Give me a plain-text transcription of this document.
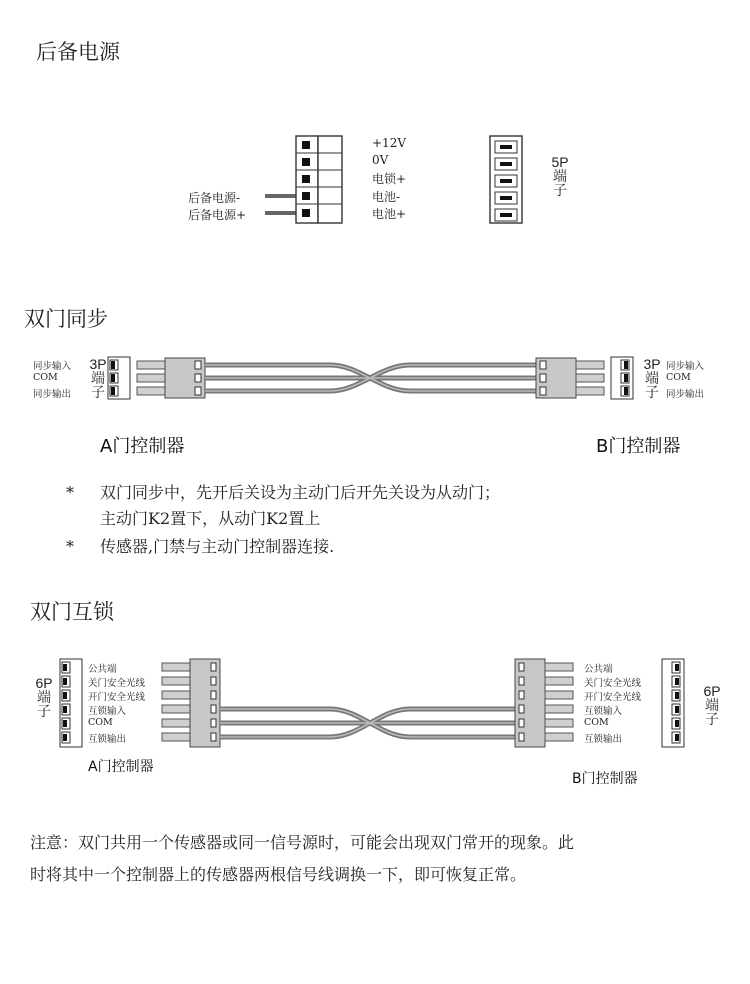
后备电源
+12V
0V
电锁+
电池-
电池+
后备电源-
后备电源+
5P
端
子
双门同步
同步输入
COM
同步输出
3P
端
子
3P
端
子
同步输入
COM
同步输出
A门控制器	B门控制器
* 双门同步中，先开后关设为主动门后开先关设为从动门；
主动门K2置下，从动门K2置上
* 传感器,门禁与主动门控制器连接.
双门互锁
6P
端
子
公共端
关门安全光线
开门安全光线
互锁输入
COM
互锁输出
公共端
关门安全光线
开门安全光线
互锁输入
COM
互锁输出
6P
端
子
A门控制器
B门控制器
注意：双门共用一个传感器或同一信号源时，可能会出现双门常开的现象。此
时将其中一个控制器上的传感器两根信号线调换一下，即可恢复正常。
